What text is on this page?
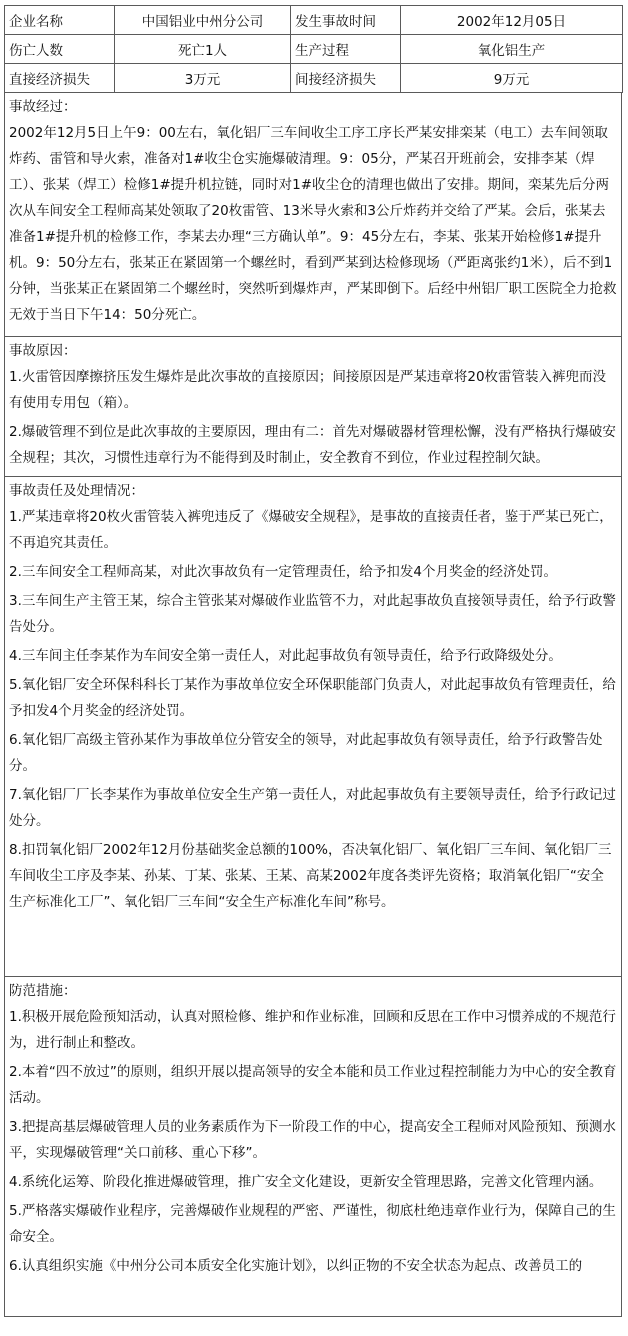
企业名称	中国铝业中州分公司	发生事故时间	2002年12月05日
伤亡人数	死亡1人	生产过程	氧化铝生产
直接经济损失	3万元	间接经济损失	9万元
事故经过：

2002年12月5日上午9：00左右，氧化铝厂三车间收尘工序工序长严某安排栾某（电工）去车间领取炸药、雷管和导火索，准备对1#收尘仓实施爆破清理。9：05分，严某召开班前会，安排李某（焊工）、张某（焊工）检修1#提升机拉链，同时对1#收尘仓的清理也做出了安排。期间，栾某先后分两次从车间安全工程师高某处领取了20枚雷管、13米导火索和3公斤炸药并交给了严某。会后，张某去准备1#提升机的检修工作，李某去办理“三方确认单”。9：45分左右，李某、张某开始检修1#提升机。9：50分左右，张某正在紧固第一个螺丝时，看到严某到达检修现场（严距离张约1米），后不到1分钟，当张某正在紧固第二个螺丝时，突然听到爆炸声，严某即倒下。后经中州铝厂职工医院全力抢救无效于当日下午14：50分死亡。

事故原因：

1.火雷管因摩擦挤压发生爆炸是此次事故的直接原因；间接原因是严某违章将20枚雷管装入裤兜而没有使用专用包（箱）。

2.爆破管理不到位是此次事故的主要原因，理由有二：首先对爆破器材管理松懈，没有严格执行爆破安全规程；其次，习惯性违章行为不能得到及时制止，安全教育不到位，作业过程控制欠缺。

事故责任及处理情况：

1.严某违章将20枚火雷管装入裤兜违反了《爆破安全规程》，是事故的直接责任者，鉴于严某已死亡，不再追究其责任。

2.三车间安全工程师高某，对此次事故负有一定管理责任，给予扣发4个月奖金的经济处罚。

3.三车间生产主管王某，综合主管张某对爆破作业监管不力，对此起事故负直接领导责任，给予行政警告处分。

4.三车间主任李某作为车间安全第一责任人，对此起事故负有领导责任，给予行政降级处分。

5.氧化铝厂安全环保科科长丁某作为事故单位安全环保职能部门负责人，对此起事故负有管理责任，给予扣发4个月奖金的经济处罚。

6.氧化铝厂高级主管孙某作为事故单位分管安全的领导，对此起事故负有领导责任，给予行政警告处分。

7.氧化铝厂厂长李某作为事故单位安全生产第一责任人，对此起事故负有主要领导责任，给予行政记过处分。

8.扣罚氧化铝厂2002年12月份基础奖金总额的100%，否决氧化铝厂、氧化铝厂三车间、氧化铝厂三车间收尘工序及李某、孙某、丁某、张某、王某、高某2002年度各类评先资格；取消氧化铝厂“安全生产标准化工厂”、氧化铝厂三车间“安全生产标准化车间”称号。

防范措施：

1.积极开展危险预知活动，认真对照检修、维护和作业标准，回顾和反思在工作中习惯养成的不规范行为，进行制止和整改。

2.本着“四不放过”的原则，组织开展以提高领导的安全本能和员工作业过程控制能力为中心的安全教育活动。

3.把提高基层爆破管理人员的业务素质作为下一阶段工作的中心，提高安全工程师对风险预知、预测水平，实现爆破管理“关口前移、重心下移”。

4.系统化运筹、阶段化推进爆破管理，推广安全文化建设，更新安全管理思路，完善文化管理内涵。

5.严格落实爆破作业程序，完善爆破作业规程的严密、严谨性，彻底杜绝违章作业行为，保障自己的生命安全。

6.认真组织实施《中州分公司本质安全化实施计划》，以纠正物的不安全状态为起点、改善员工的
